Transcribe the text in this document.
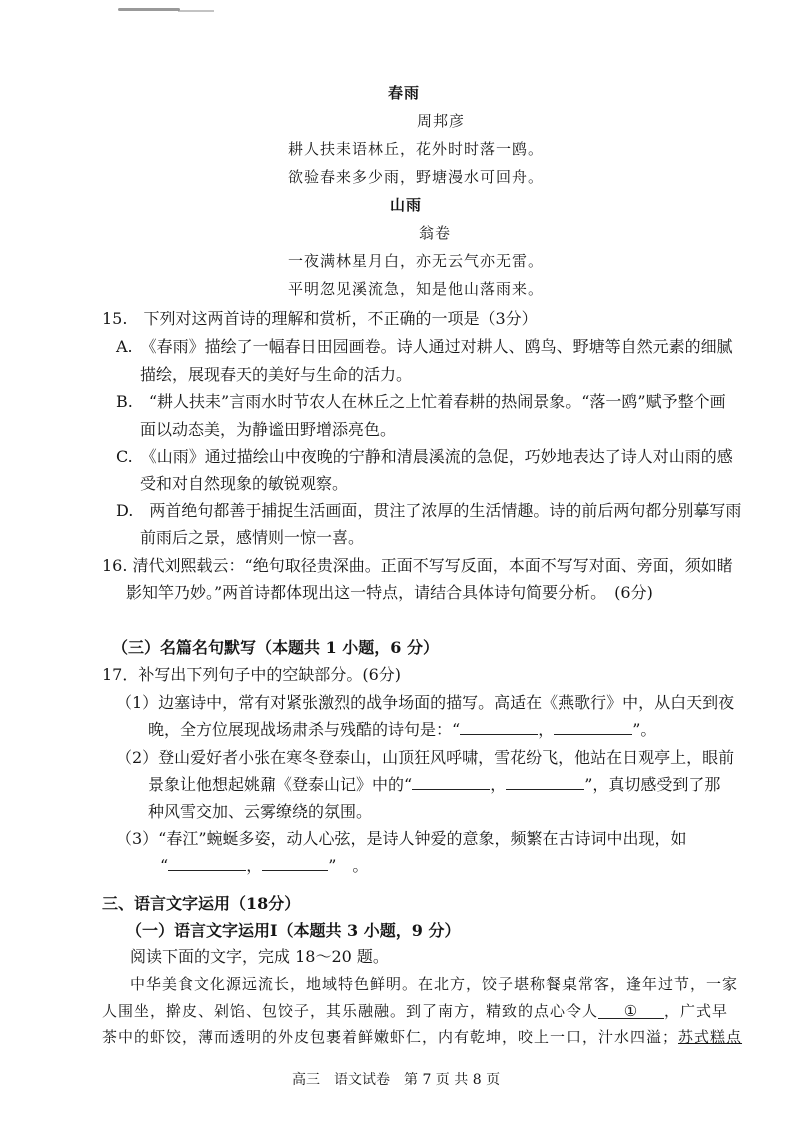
春雨
周邦彦
耕人扶耒语林丘，花外时时落一鸥。
欲验春来多少雨，野塘漫水可回舟。
山雨
翁卷
一夜满林星月白，亦无云气亦无雷。
平明忽见溪流急，知是他山落雨来。
15.　下列对这两首诗的理解和赏析，不正确的一项是（3分）
A.　《春雨》描绘了一幅春日田园画卷。诗人通过对耕人、鸥鸟、野塘等自然元素的细腻
描绘，展现春天的美好与生命的活力。
B.　“耕人扶耒”言雨水时节农人在林丘之上忙着春耕的热闹景象。“落一鸥”赋予整个画
面以动态美，为静谧田野增添亮色。
C.　《山雨》通过描绘山中夜晚的宁静和清晨溪流的急促，巧妙地表达了诗人对山雨的感
受和对自然现象的敏锐观察。
D.　两首绝句都善于捕捉生活画面，贯注了浓厚的生活情趣。诗的前后两句都分别摹写雨
前雨后之景，感情则一惊一喜。
16. 清代刘熙载云：“绝句取径贵深曲。正面不写写反面，本面不写写对面、旁面，须如睹
影知竿乃妙。”两首诗都体现出这一特点，请结合具体诗句简要分析。　(6分)
（三）名篇名句默写（本题共 1 小题，6 分）
17．补写出下列句子中的空缺部分。(6分)
（1）边塞诗中，常有对紧张激烈的战争场面的描写。高适在《燕歌行》中，从白天到夜
晚，全方位展现战场肃杀与残酷的诗句是：“	，	”。
（2）登山爱好者小张在寒冬登泰山，山顶狂风呼啸，雪花纷飞，他站在日观亭上，眼前
景象让他想起姚鼐《登泰山记》中的“	，	”，真切感受到了那
种风雪交加、云雾缭绕的氛围。
（3）“春江”蜿蜒多姿，动人心弦，是诗人钟爱的意象，频繁在古诗词中出现，如
“	，	”　。
三、语言文字运用（18分）
（一）语言文字运用Ⅰ（本题共 3 小题，9 分）
阅读下面的文字，完成 18～20 题。
中华美食文化源远流长，地域特色鲜明。在北方，饺子堪称餐桌常客，逢年过节，一家
人围坐，擀皮、剁馅、包饺子，其乐融融。到了南方，精致的点心令人 ① ，广式早
茶中的虾饺，薄而透明的外皮包裹着鲜嫩虾仁，内有乾坤，咬上一口，汁水四溢；苏式糕点
高三　语文试卷　第 7 页 共 8 页
